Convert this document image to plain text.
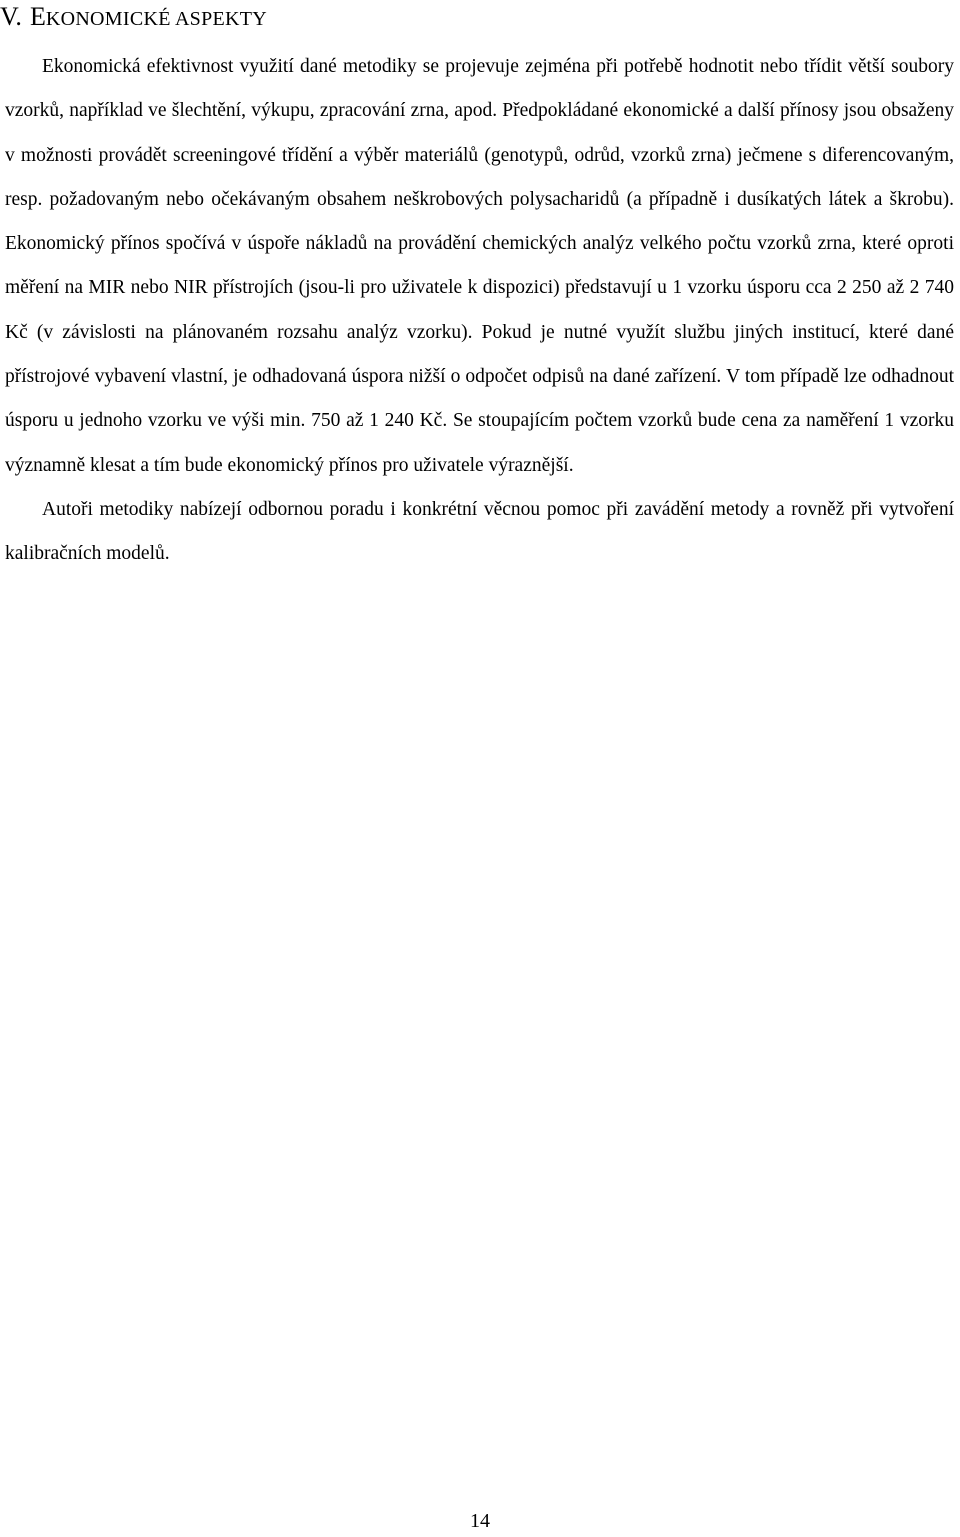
V. EKONOMICKÉ ASPEKTY

Ekonomická efektivnost využití dané metodiky se projevuje zejména při potřebě hodnotit nebo třídit větší soubory vzorků, například ve šlechtění, výkupu, zpracování zrna, apod. Předpokládané ekonomické a další přínosy jsou obsaženy v možnosti provádět screeningové třídění a výběr materiálů (genotypů, odrůd, vzorků zrna) ječmene s diferencovaným, resp. požadovaným nebo očekávaným obsahem neškrobových polysacharidů (a případně i dusíkatých látek a škrobu). Ekonomický přínos spočívá v úspoře nákladů na provádění chemických analýz velkého počtu vzorků zrna, které oproti měření na MIR nebo NIR přístrojích (jsou-li pro uživatele k dispozici) představují u 1 vzorku úsporu cca 2 250 až 2 740 Kč (v závislosti na plánovaném rozsahu analýz vzorku). Pokud je nutné využít službu jiných institucí, které dané přístrojové vybavení vlastní, je odhadovaná úspora nižší o odpočet odpisů na dané zařízení. V tom případě lze odhadnout úsporu u jednoho vzorku ve výši min. 750 až 1 240 Kč. Se stoupajícím počtem vzorků bude cena za naměření 1 vzorku významně klesat a tím bude ekonomický přínos pro uživatele výraznější.

Autoři metodiky nabízejí odbornou poradu i konkrétní věcnou pomoc při zavádění metody a rovněž při vytvoření kalibračních modelů.

14
